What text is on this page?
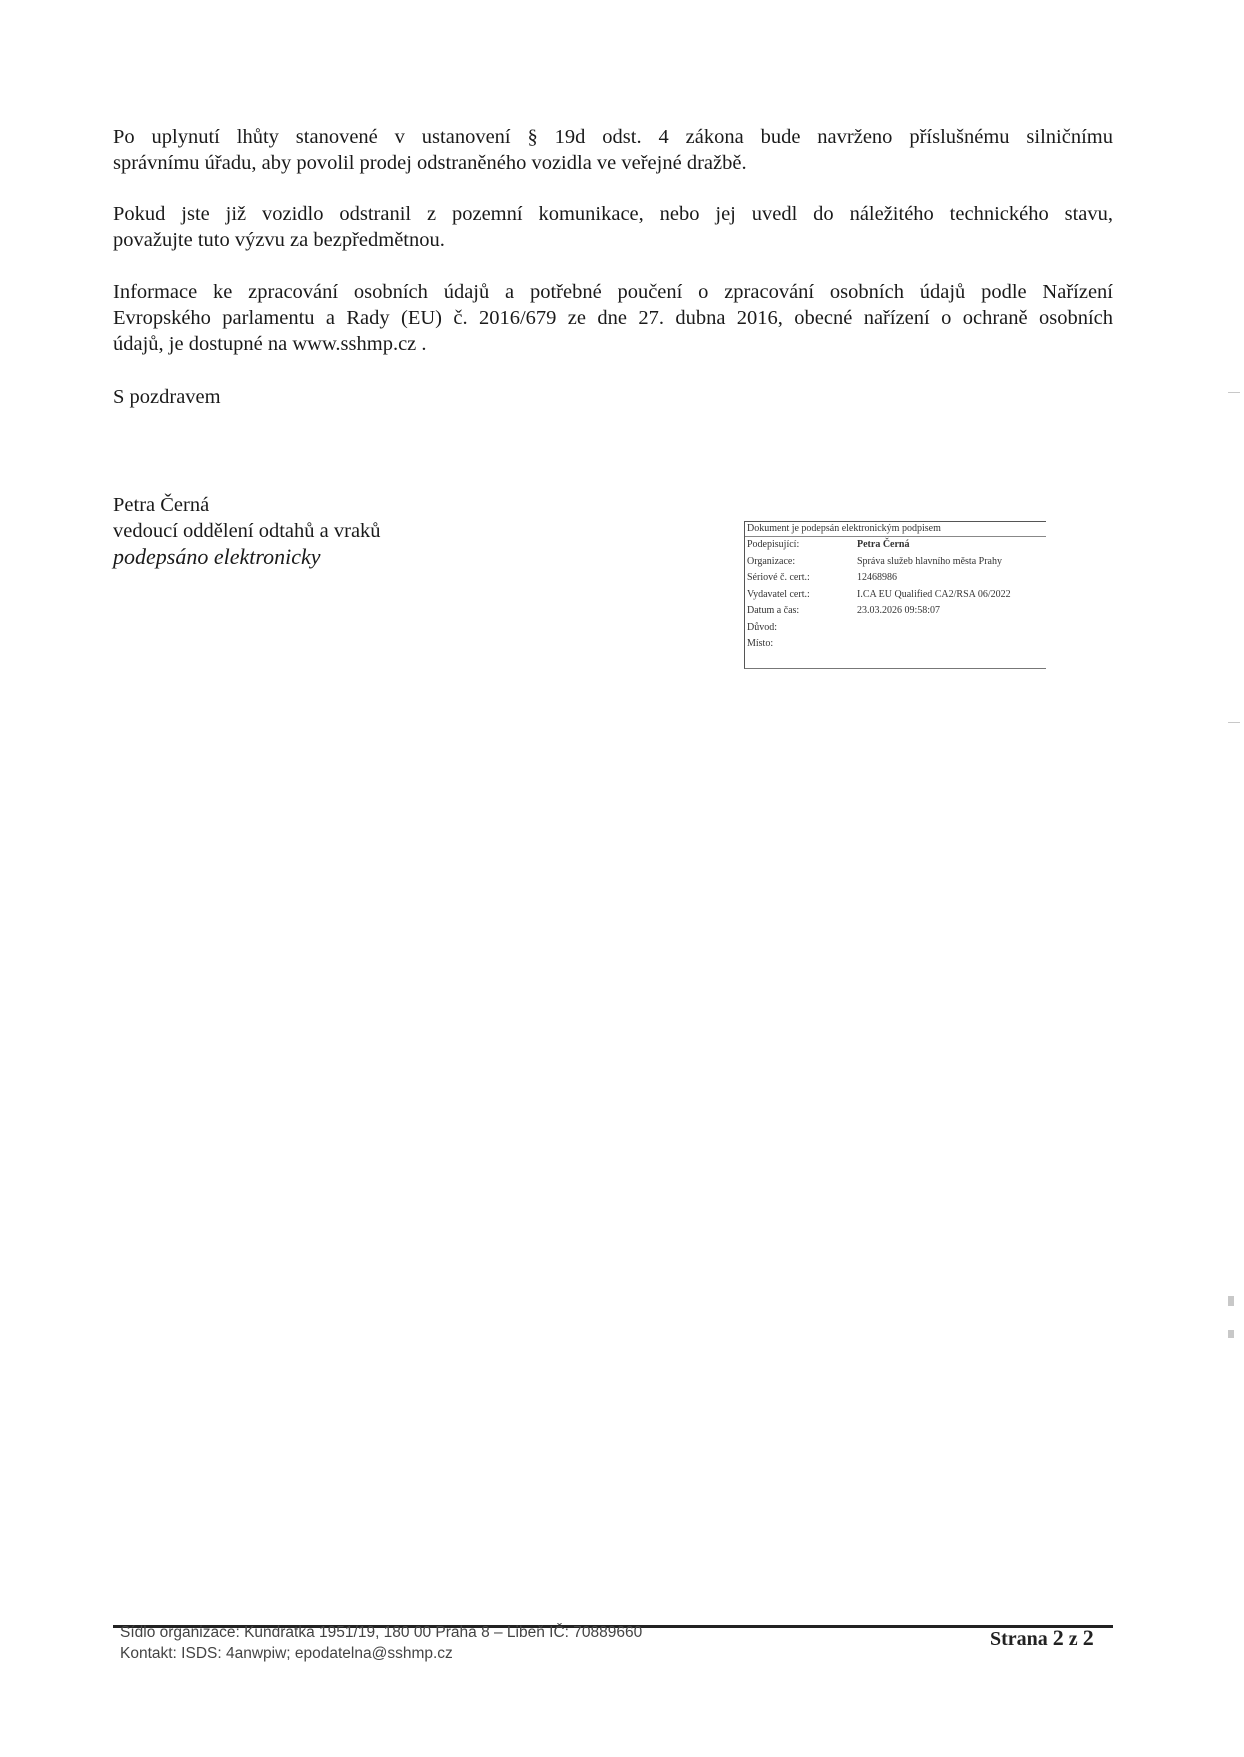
Po uplynutí lhůty stanovené v ustanovení § 19d odst. 4 zákona bude navrženo příslušnému silničnímu
správnímu úřadu, aby povolil prodej odstraněného vozidla ve veřejné dražbě.

Pokud jste již vozidlo odstranil z pozemní komunikace, nebo jej uvedl do náležitého technického stavu,
považujte tuto výzvu za bezpředmětnou.

Informace ke zpracování osobních údajů a potřebné poučení o zpracování osobních údajů podle Nařízení
Evropského parlamentu a Rady (EU) č. 2016/679 ze dne 27. dubna 2016, obecné nařízení o ochraně osobních
údajů, je dostupné na www.sshmp.cz .

S pozdravem

Petra Černá
vedoucí oddělení odtahů a vraků
podepsáno elektronicky
Dokument je podepsán elektronickým podpisem
Podepisující:	Petra Černá
Organizace:	Správa služeb hlavního města Prahy
Sériové č. cert.:	12468986
Vydavatel cert.:	I.CA EU Qualified CA2/RSA 06/2022
Datum a čas:	23.03.2026 09:58:07
Důvod:
Místo:
Sídlo organizace: Kundratka 1951/19, 180 00 Praha 8 – Libeň IČ: 70889660
Kontakt: ISDS: 4anwpiw; epodatelna@sshmp.cz
Strana 2 z 2
